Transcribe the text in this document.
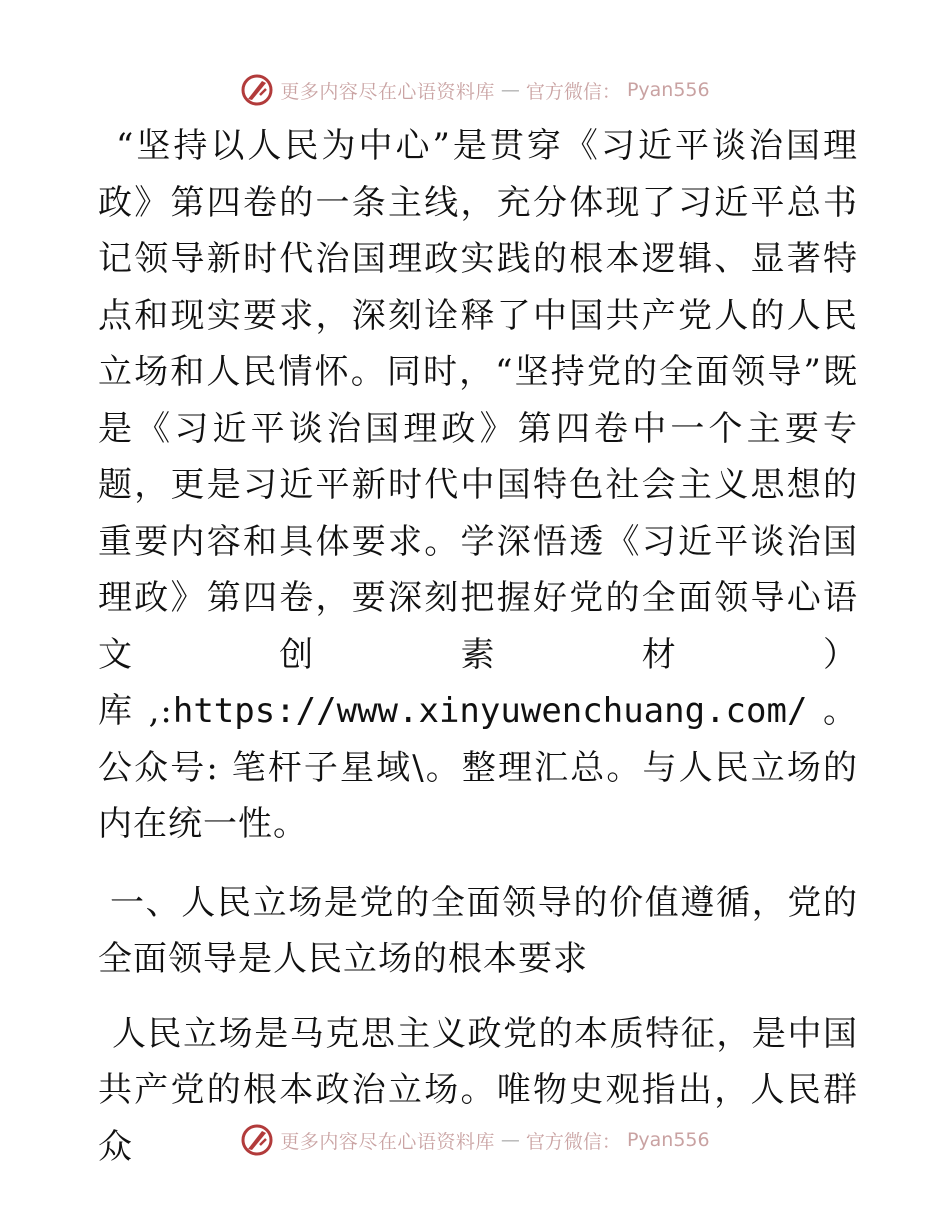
更多内容尽在心语资料库 — 官方微信： Pyan556

“坚持以人民为中心”是贯穿《习近平谈治国理政》第四卷的一条主线，充分体现了习近平总书记领导新时代治国理政实践的根本逻辑、显著特点和现实要求，深刻诠释了中国共产党人的人民立场和人民情怀。同时，“坚持党的全面领导”既是《习近平谈治国理政》第四卷中一个主要专题，更是习近平新时代中国特色社会主义思想的重要内容和具体要求。学深悟透《习近平谈治国理政》第四卷，要深刻把握好党的全面领导心语文创素材）库,:https://www.xinyuwenchuang.com/。公众号: 笔杆子星域\。整理汇总。与人民立场的内在统一性。

一、人民立场是党的全面领导的价值遵循，党的全面领导是人民立场的根本要求

人民立场是马克思主义政党的本质特征，是中国共产党的根本政治立场。唯物史观指出，人民群众	更多内容尽在心语资料库 — 官方微信： Pyan556
